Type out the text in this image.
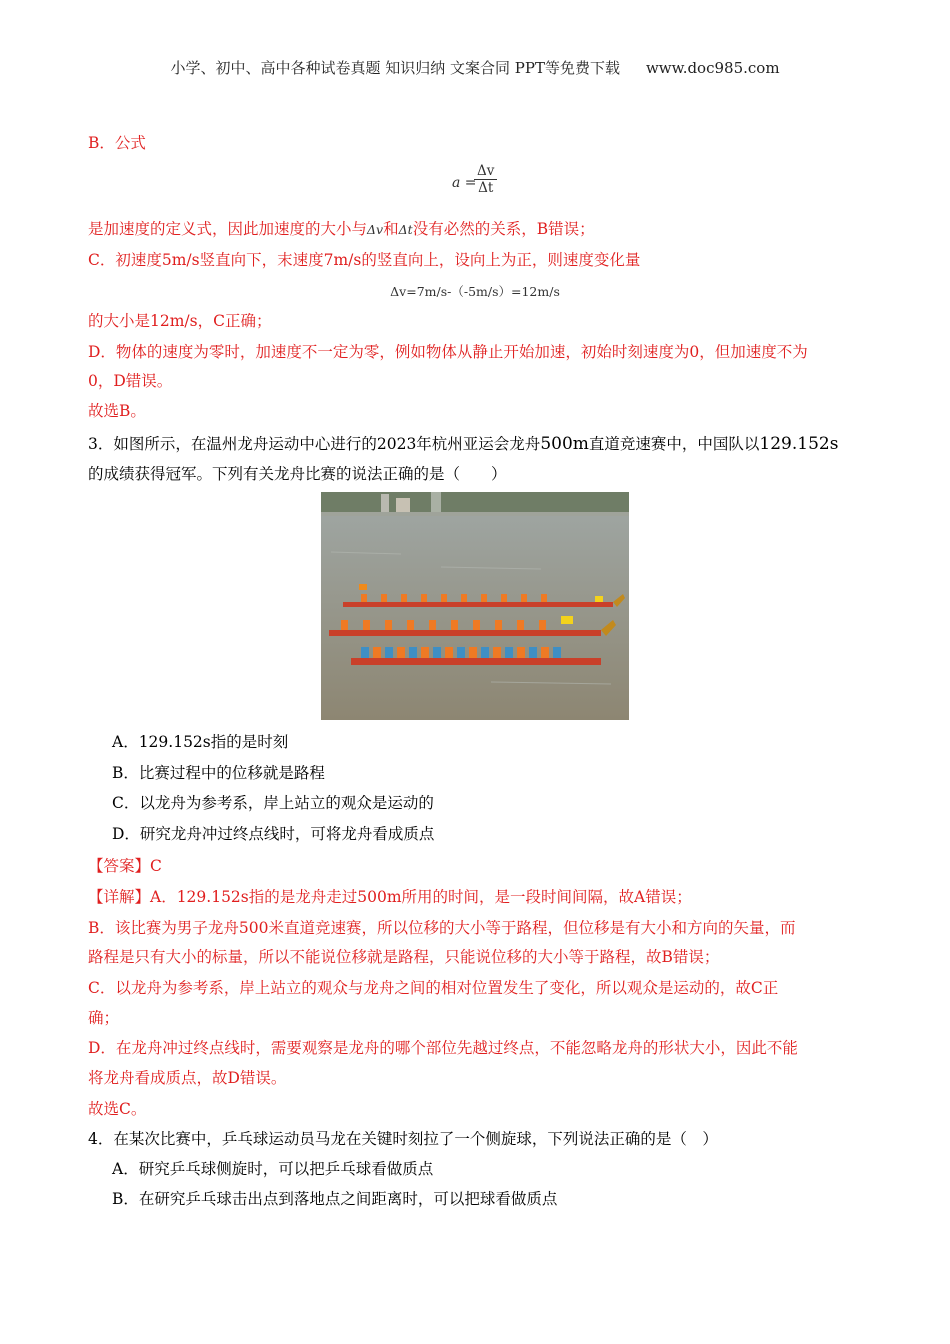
小学、初中、高中各种试卷真题 知识归纳 文案合同 PPT等免费下载 www.doc985.com
B．公式
a =
$\frac{\Delta v}{\Delta t}$
是加速度的定义式，因此加速度的大小与Δv和Δt没有必然的关系，B错误；
C．初速度5m/s竖直向下，末速度7m/s的竖直向上，设向上为正，则速度变化量
Δv=7m/s-（-5m/s）=12m/s
的大小是12m/s，C正确；
D．物体的速度为零时，加速度不一定为零，例如物体从静止开始加速，初始时刻速度为0，但加速度不为
0，D错误。
故选B。
3．如图所示，在温州龙舟运动中心进行的2023年杭州亚运会龙舟500m直道竞速赛中，中国队以129.152s
的成绩获得冠军。下列有关龙舟比赛的说法正确的是（　　）
A．129.152s指的是时刻
B．比赛过程中的位移就是路程
C．以龙舟为参考系，岸上站立的观众是运动的
D．研究龙舟冲过终点线时，可将龙舟看成质点
【答案】C
【详解】A．129.152s指的是龙舟走过500m所用的时间，是一段时间间隔，故A错误；
B．该比赛为男子龙舟500米直道竞速赛，所以位移的大小等于路程，但位移是有大小和方向的矢量，而
路程是只有大小的标量，所以不能说位移就是路程，只能说位移的大小等于路程，故B错误；
C．以龙舟为参考系，岸上站立的观众与龙舟之间的相对位置发生了变化，所以观众是运动的，故C正
确；
D．在龙舟冲过终点线时，需要观察是龙舟的哪个部位先越过终点，不能忽略龙舟的形状大小，因此不能
将龙舟看成质点，故D错误。
故选C。
4．在某次比赛中，乒乓球运动员马龙在关键时刻拉了一个侧旋球，下列说法正确的是（　）
A．研究乒乓球侧旋时，可以把乒乓球看做质点
B．在研究乒乓球击出点到落地点之间距离时，可以把球看做质点
